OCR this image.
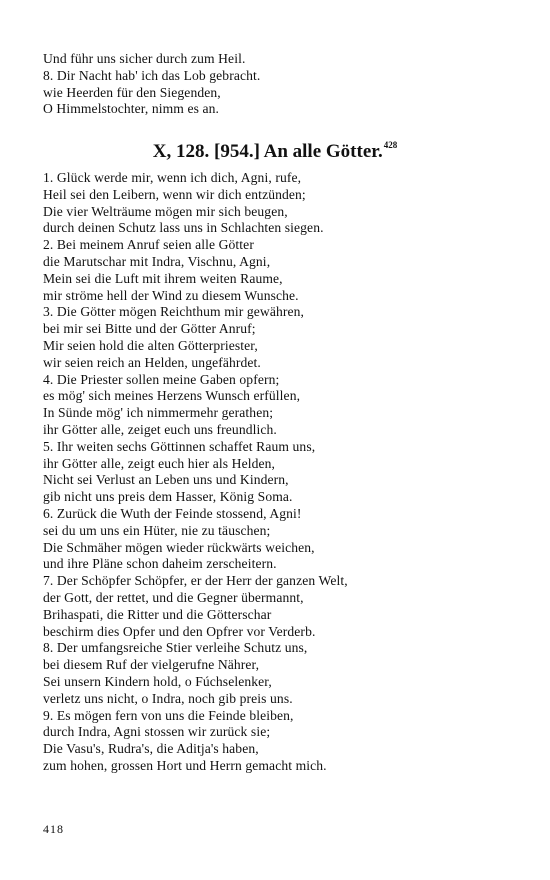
Und führ uns sicher durch zum Heil.
8. Dir Nacht hab' ich das Lob gebracht.
wie Heerden für den Siegenden,
O Himmelstochter, nimm es an.
X, 128. [954.] An alle Götter.$^{428}$
1. Glück werde mir, wenn ich dich, Agni, rufe,
Heil sei den Leibern, wenn wir dich entzünden;
Die vier Welträume mögen mir sich beugen,
durch deinen Schutz lass uns in Schlachten siegen.
2. Bei meinem Anruf seien alle Götter
die Marutschar mit Indra, Vischnu, Agni,
Mein sei die Luft mit ihrem weiten Raume,
mir ströme hell der Wind zu diesem Wunsche.
3. Die Götter mögen Reichthum mir gewähren,
bei mir sei Bitte und der Götter Anruf;
Mir seien hold die alten Götterpriester,
wir seien reich an Helden, ungefährdet.
4. Die Priester sollen meine Gaben opfern;
es mög' sich meines Herzens Wunsch erfüllen,
In Sünde mög' ich nimmermehr gerathen;
ihr Götter alle, zeiget euch uns freundlich.
5. Ihr weiten sechs Göttinnen schaffet Raum uns,
ihr Götter alle, zeigt euch hier als Helden,
Nicht sei Verlust an Leben uns und Kindern,
gib nicht uns preis dem Hasser, König Soma.
6. Zurück die Wuth der Feinde stossend, Agni!
sei du um uns ein Hüter, nie zu täuschen;
Die Schmäher mögen wieder rückwärts weichen,
und ihre Pläne schon daheim zerscheitern.
7. Der Schöpfer Schöpfer, er der Herr der ganzen Welt,
der Gott, der rettet, und die Gegner übermannt,
Brihaspati, die Ritter und die Götterschar
beschirm dies Opfer und den Opfrer vor Verderb.
8. Der umfangsreiche Stier verleihe Schutz uns,
bei diesem Ruf der vielgerufne Nährer,
Sei unsern Kindern hold, o Fúchselenker,
verletz uns nicht, o Indra, noch gib preis uns.
9. Es mögen fern von uns die Feinde bleiben,
durch Indra, Agni stossen wir zurück sie;
Die Vasu's, Rudra's, die Aditja's haben,
zum hohen, grossen Hort und Herrn gemacht mich.
418
